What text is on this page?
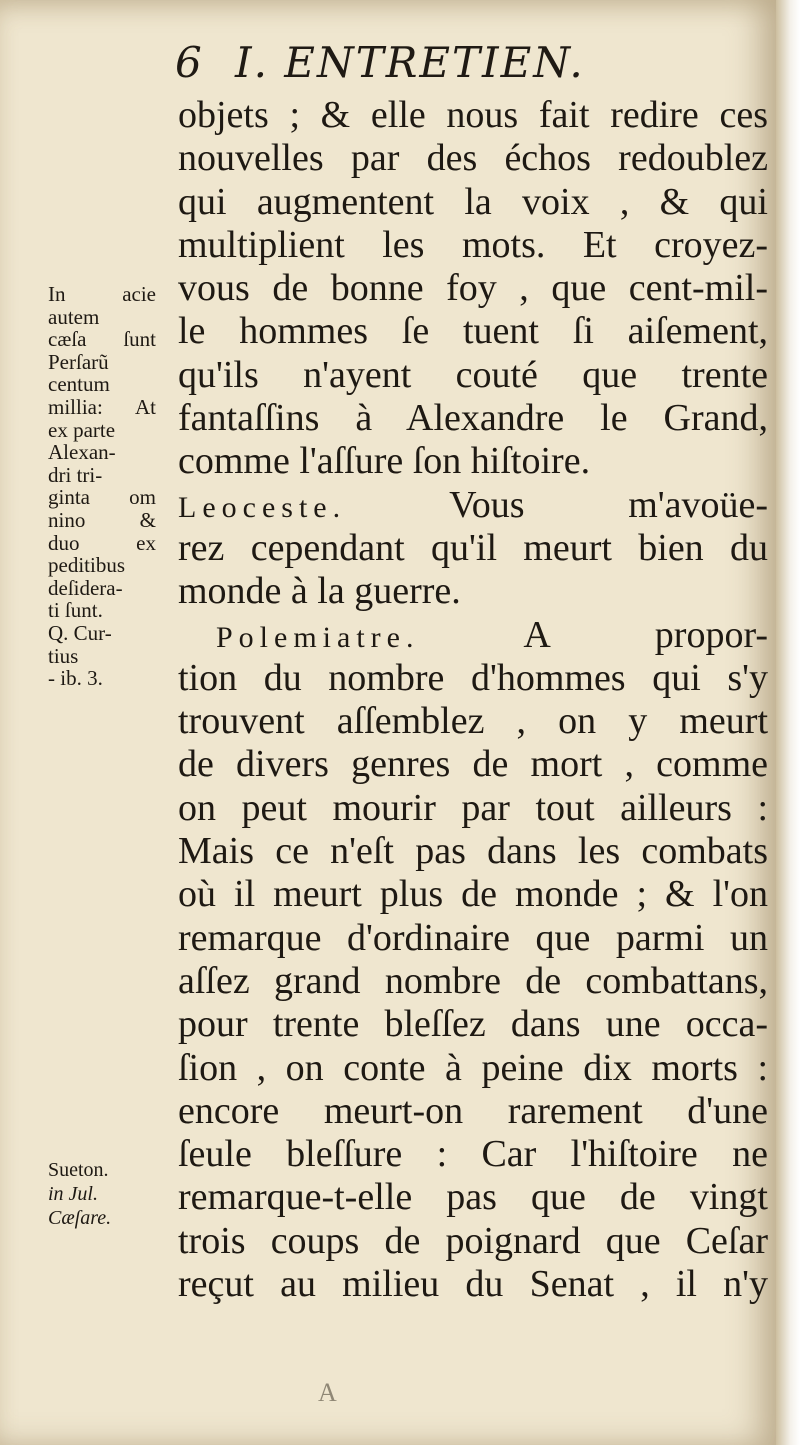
6 I. ENTRETIEN.
objets ; & elle nous fait redire ces
nouvelles par des échos redoublez
qui augmentent la voix , & qui
multiplient les mots. Et croyez-
vous de bonne foy , que cent-mil-
le hommes ſe tuent ſi aiſement,
qu'ils n'ayent couté que trente
fantaſſins à Alexandre le Grand,
comme l'aſſure ſon hiſtoire.
Leoceste.	Vous m'avoüe-
rez cependant qu'il meurt bien du
monde à la guerre.
Polemiatre.	A propor-
tion du nombre d'hommes qui s'y
trouvent aſſemblez , on y meurt
de divers genres de mort , comme
on peut mourir par tout ailleurs :
Mais ce n'eſt pas dans les combats
où il meurt plus de monde ; & l'on
remarque d'ordinaire que parmi un
aſſez grand nombre de combattans,
pour trente bleſſez dans une occa-
ſion , on conte à peine dix morts :
encore meurt-on rarement d'une
ſeule bleſſure : Car l'hiſtoire ne
remarque-t-elle pas que de vingt
trois coups de poignard que Ceſar
reçut au milieu du Senat , il n'y
In acie
autem
cæſa ſunt
Perſarũ
centum
millia: At
ex parte
Alexan-
dri tri-
ginta om
nino &
duo ex
peditibus
deſidera-
ti ſunt.
Q. Cur-
tius
- ib. 3.
Sueton.
in Jul.
Cæſare.
A
